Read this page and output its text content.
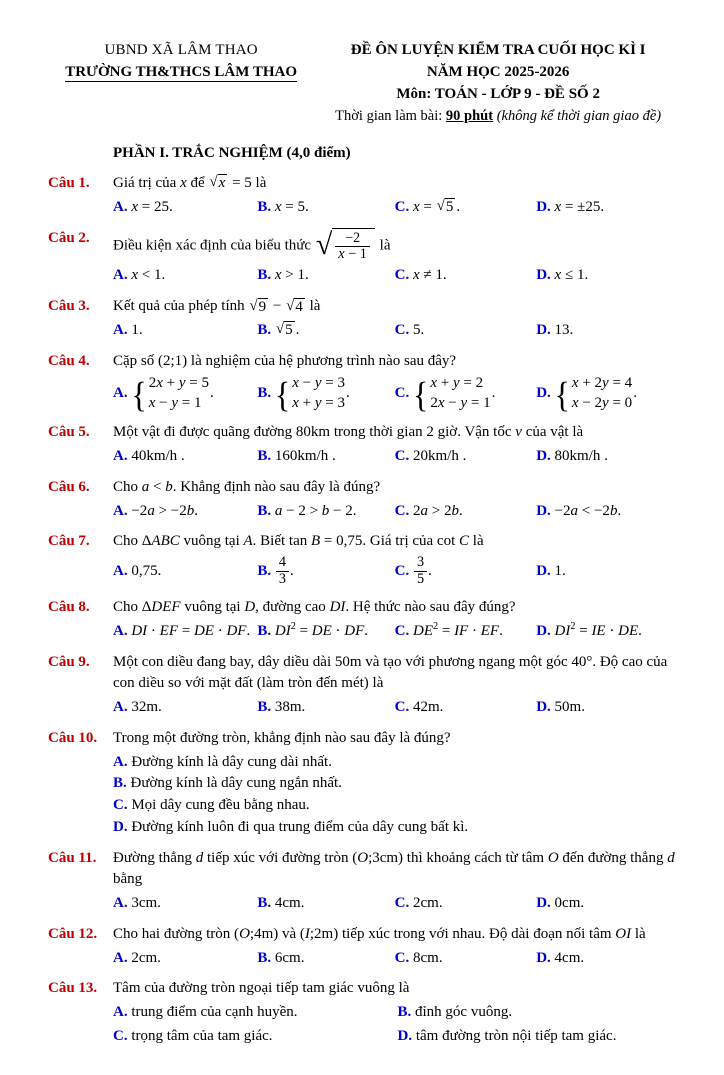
UBND XÃ LÂM THAO
TRƯỜNG TH&THCS LÂM THAO
ĐỀ ÔN LUYỆN KIỂM TRA CUỐI HỌC KÌ I
NĂM HỌC 2025-2026
Môn: TOÁN - LỚP 9 - ĐỀ SỐ 2
Thời gian làm bài: 90 phút (không kể thời gian giao đề)
PHẦN I. TRẮC NGHIỆM (4,0 điểm)
Câu 1.	Giá trị của x để √ x = 5 là
A. x = 25.	B. x = 5.	C. x = √ 5 .	D. x = ±25.
Câu 2.	Điều kiện xác định của biểu thức √ $\frac{-2}{x - 1}$ là
A. x < 1.	B. x > 1.	C. x ≠ 1.	D. x ≤ 1.
Câu 3.	Kết quả của phép tính √ 9 − √ 4 là
A. 1.	B. √ 5 .	C. 5.	D. 13.
Câu 4.	Cặp số (2;1) là nghiệm của hệ phương trình nào sau đây?
A. { 2x + y = 5
x − y = 1
.	B. { x − y = 3
x + y = 3
.	C. { x + y = 2
2x − y = 1
.	D. { x + 2y = 4
x − 2y = 0
.
Câu 5.	Một vật đi được quãng đường 80km trong thời gian 2 giờ. Vận tốc v của vật là
A. 40km/h .	B. 160km/h .	C. 20km/h .	D. 80km/h .
Câu 6.	Cho a < b. Khẳng định nào sau đây là đúng?
A. −2a > −2b.	B. a − 2 > b − 2.	C. 2a > 2b.	D. −2a < −2b.
Câu 7.	Cho ΔABC vuông tại A. Biết tan B = 0,75. Giá trị của cot C là
A. 0,75.	B. $\frac{4}{3}$ .	C. $\frac{3}{5}$ .	D. 1.
Câu 8.	Cho ΔDEF vuông tại D, đường cao DI. Hệ thức nào sau đây đúng?
A. DI · EF = DE · DF. B. $DI^2$ = DE · DF.	C. $DE^2$ = IF · EF.	D. $DI^2$ = IE · DE.
Câu 9.	Một con diều đang bay, dây diều dài 50m và tạo với phương ngang một góc 40°. Độ cao của con diều so với mặt đất (làm tròn đến mét) là
A. 32m.	B. 38m.	C. 42m.	D. 50m.
Câu 10.	Trong một đường tròn, khẳng định nào sau đây là đúng?
A. Đường kính là dây cung dài nhất.
B. Đường kính là dây cung ngắn nhất.
C. Mọi dây cung đều bằng nhau.
D. Đường kính luôn đi qua trung điểm của dây cung bất kì.
Câu 11.	Đường thẳng d tiếp xúc với đường tròn (O;3cm) thì khoảng cách từ tâm O đến đường thẳng d bằng
A. 3cm.	B. 4cm.	C. 2cm.	D. 0cm.
Câu 12.	Cho hai đường tròn (O;4m) và (I;2m) tiếp xúc trong với nhau. Độ dài đoạn nối tâm OI là
A. 2cm.	B. 6cm.	C. 8cm.	D. 4cm.
Câu 13.	Tâm của đường tròn ngoại tiếp tam giác vuông là
A. trung điểm của cạnh huyền.	B. đỉnh góc vuông.
C. trọng tâm của tam giác.	D. tâm đường tròn nội tiếp tam giác.
